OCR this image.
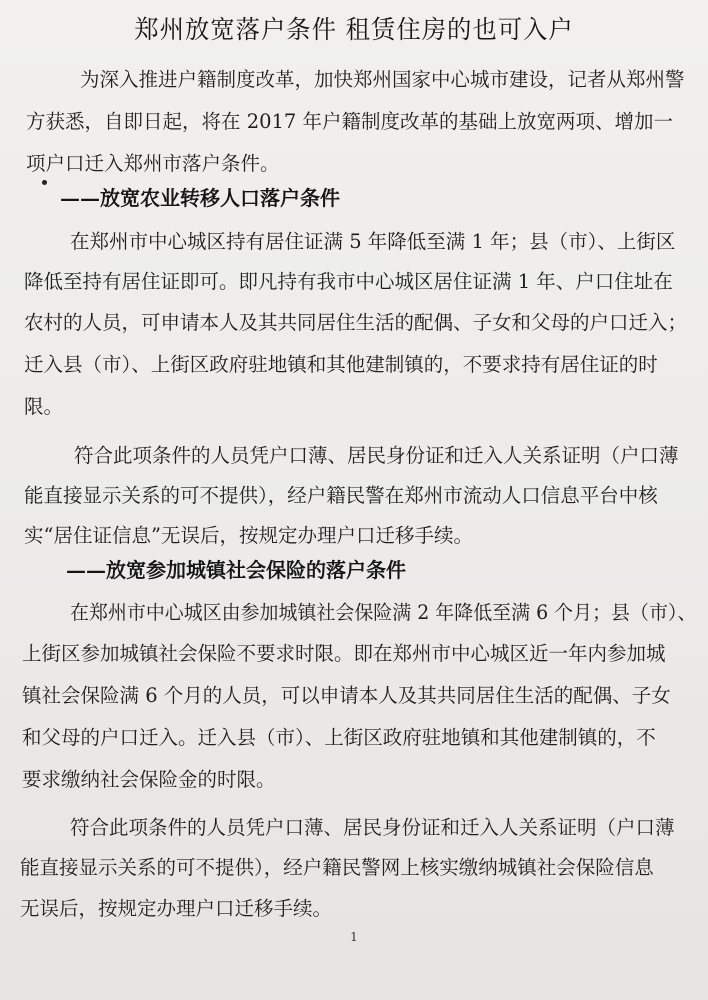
郑州放宽落户条件 租赁住房的也可入户
为深入推进户籍制度改革，加快郑州国家中心城市建设，记者从郑州警
方获悉，自即日起，将在 2017 年户籍制度改革的基础上放宽两项、增加一
项户口迁入郑州市落户条件。
——放宽农业转移人口落户条件
在郑州市中心城区持有居住证满 5 年降低至满 1 年；县（市）、上街区
降低至持有居住证即可。即凡持有我市中心城区居住证满 1 年、户口住址在
农村的人员，可申请本人及其共同居住生活的配偶、子女和父母的户口迁入；
迁入县（市）、上街区政府驻地镇和其他建制镇的，不要求持有居住证的时
限。
符合此项条件的人员凭户口薄、居民身份证和迁入人关系证明（户口薄
能直接显示关系的可不提供），经户籍民警在郑州市流动人口信息平台中核
实“居住证信息”无误后，按规定办理户口迁移手续。
——放宽参加城镇社会保险的落户条件
在郑州市中心城区由参加城镇社会保险满 2 年降低至满 6 个月；县（市）、
上街区参加城镇社会保险不要求时限。即在郑州市中心城区近一年内参加城
镇社会保险满 6 个月的人员，可以申请本人及其共同居住生活的配偶、子女
和父母的户口迁入。迁入县（市）、上街区政府驻地镇和其他建制镇的，不
要求缴纳社会保险金的时限。
符合此项条件的人员凭户口薄、居民身份证和迁入人关系证明（户口薄
能直接显示关系的可不提供），经户籍民警网上核实缴纳城镇社会保险信息
无误后，按规定办理户口迁移手续。
1
